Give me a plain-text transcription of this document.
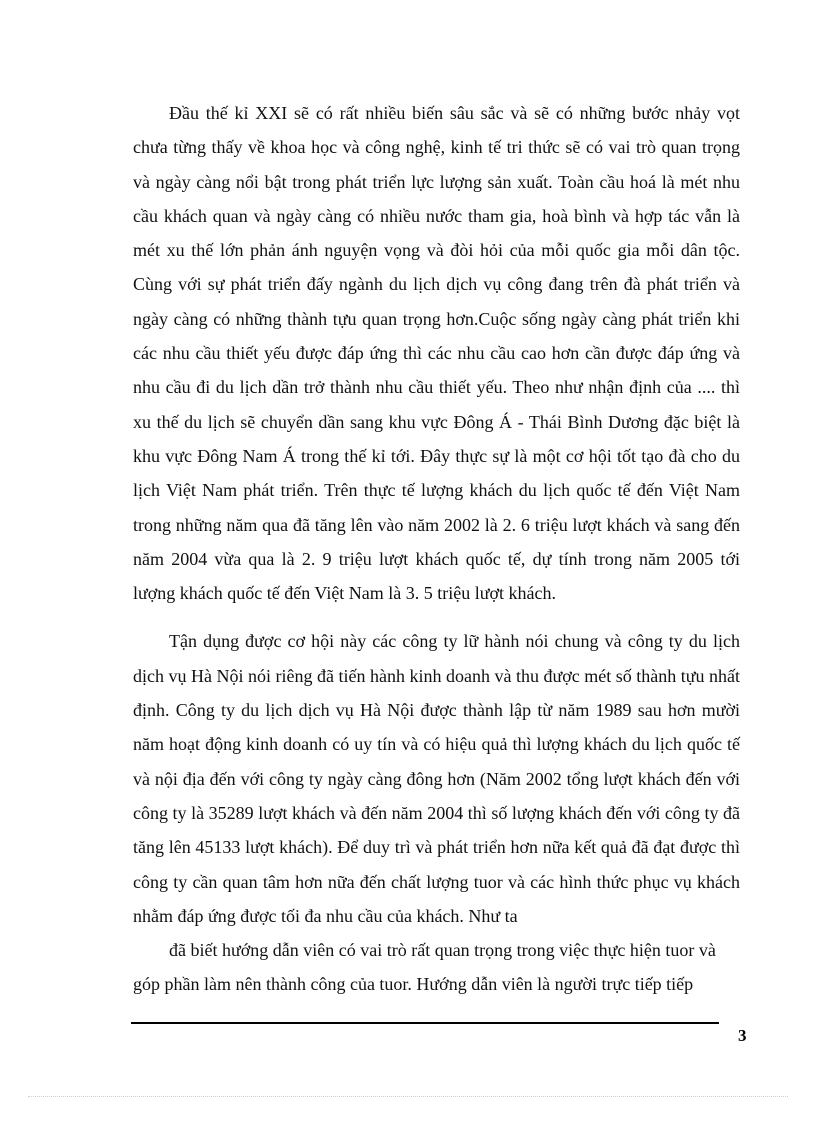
Đầu thế kỉ XXI sẽ có rất nhiều biến sâu sắc và sẽ có những bước nhảy vọt chưa từng thấy về khoa học và công nghệ, kinh tế tri thức sẽ có vai trò quan trọng và ngày càng nổi bật trong phát triển lực lượng sản xuất. Toàn cầu hoá là mét nhu cầu khách quan và ngày càng có nhiều nước tham gia, hoà bình và hợp tác vẫn là mét xu thế lớn phản ánh nguyện vọng và đòi hỏi của mỗi quốc gia mỗi dân tộc. Cùng với sự phát triển đấy ngành du lịch dịch vụ công đang trên đà phát triển và ngày càng có những thành tựu quan trọng hơn.Cuộc sống ngày càng phát triển khi các nhu cầu thiết yếu được đáp ứng thì các nhu cầu cao hơn cần được đáp ứng và nhu cầu đi du lịch dần trở thành nhu cầu thiết yếu. Theo như nhận định của .... thì xu thế du lịch sẽ chuyển dần sang khu vực Đông Á - Thái Bình Dương đặc biệt là khu vực Đông Nam Á trong thế kỉ tới. Đây thực sự là một cơ hội tốt tạo đà cho du lịch Việt Nam phát triển. Trên thực tế lượng khách du lịch quốc tế đến Việt Nam trong những năm qua đã tăng lên vào năm 2002 là 2. 6 triệu lượt khách và sang đến năm 2004 vừa qua là 2. 9 triệu lượt khách quốc tế, dự tính trong năm 2005 tới lượng khách quốc tế đến Việt Nam là 3. 5 triệu lượt khách.

Tận dụng được cơ hội này các công ty lữ hành nói chung và công ty du lịch dịch vụ Hà Nội nói riêng đã tiến hành kinh doanh và thu được mét số thành tựu nhất định. Công ty du lịch dịch vụ Hà Nội được thành lập từ năm 1989 sau hơn mười năm hoạt động kinh doanh có uy tín và có hiệu quả thì lượng khách du lịch quốc tế và nội địa đến với công ty ngày càng đông hơn (Năm 2002 tổng lượt khách đến với công ty là 35289 lượt khách và đến năm 2004 thì số lượng khách đến với công ty đã tăng lên 45133 lượt khách). Để duy trì và phát triển hơn nữa kết quả đã đạt được thì công ty cần quan tâm hơn nữa đến chất lượng tuor và các hình thức phục vụ khách nhằm đáp ứng được tối đa nhu cầu của khách. Như ta

đã biết hướng dẫn viên có vai trò rất quan trọng trong việc thực hiện tuor và

góp phần làm nên thành công của tuor. Hướng dẫn viên là người trực tiếp tiếp

3
